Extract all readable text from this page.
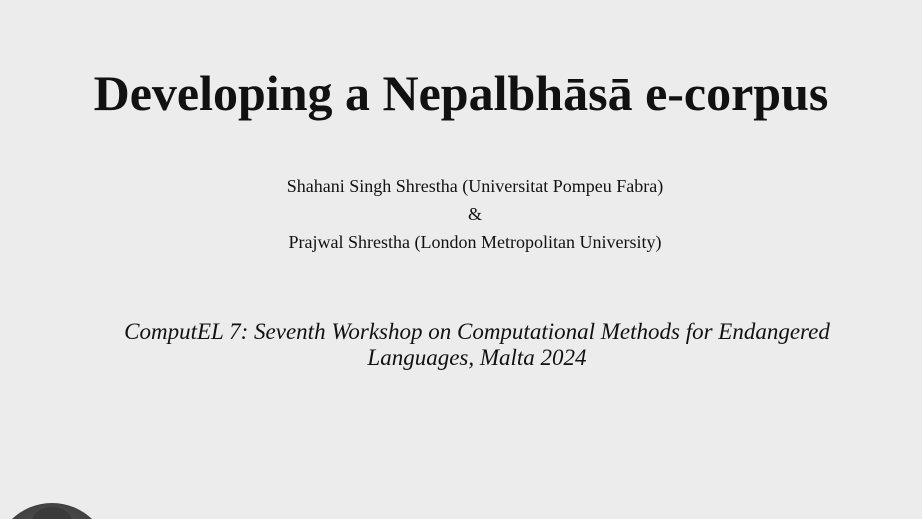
Developing a Nepalbhāsā e-corpus
Shahani Singh Shrestha (Universitat Pompeu Fabra)
&
Prajwal Shrestha (London Metropolitan University)
ComputEL 7: Seventh Workshop on Computational Methods for Endangered
Languages, Malta 2024
